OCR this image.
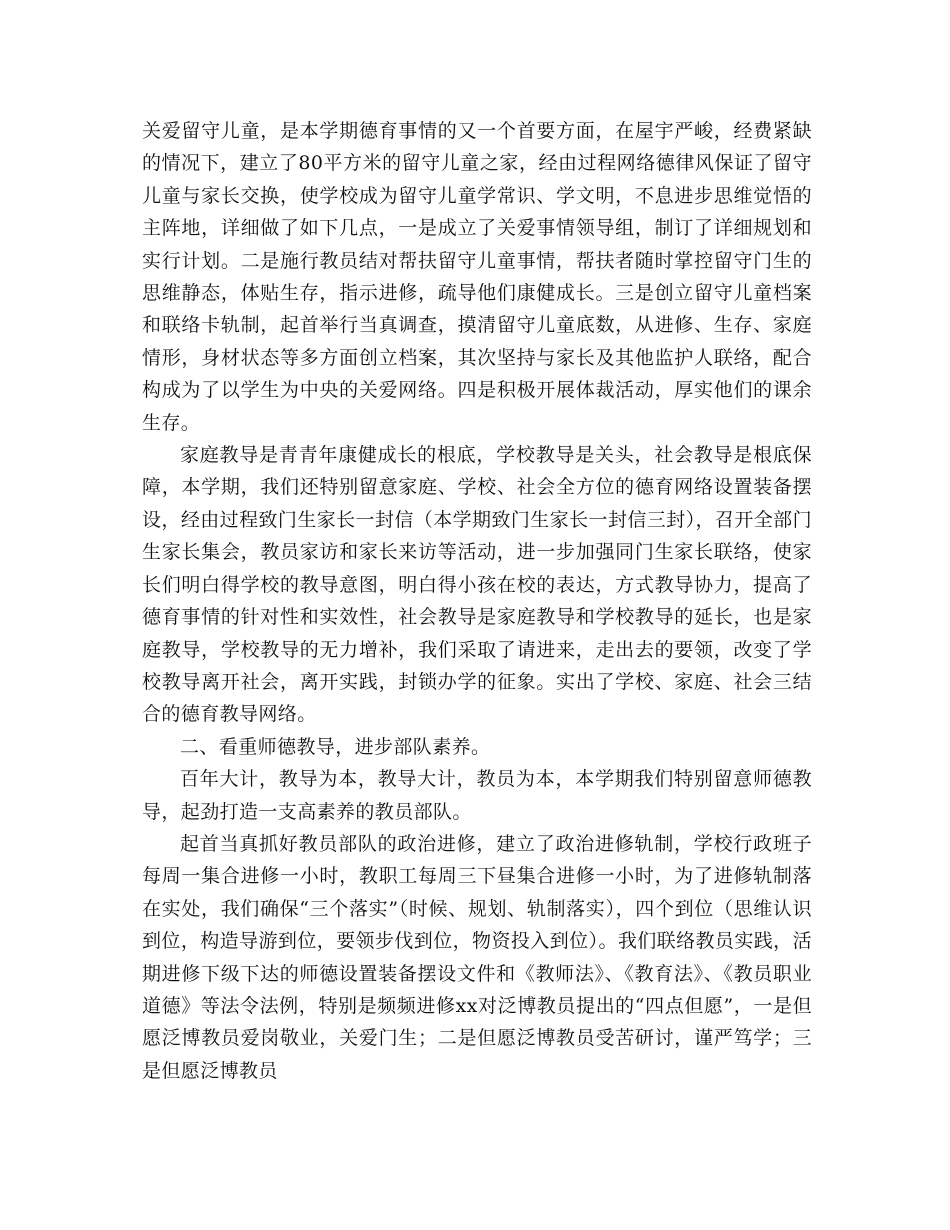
关爱留守儿童，是本学期德育事情的又一个首要方面，在屋宇严峻，经费紧缺的情况下，建立了80平方米的留守儿童之家，经由过程网络德律风保证了留守儿童与家长交换，使学校成为留守儿童学常识、学文明，不息进步思维觉悟的主阵地，详细做了如下几点，一是成立了关爱事情领导组，制订了详细规划和实行计划。二是施行教员结对帮扶留守儿童事情，帮扶者随时掌控留守门生的思维静态，体贴生存，指示进修，疏导他们康健成长。三是创立留守儿童档案和联络卡轨制，起首举行当真调查，摸清留守儿童底数，从进修、生存、家庭情形，身材状态等多方面创立档案，其次坚持与家长及其他监护人联络，配合构成为了以学生为中央的关爱网络。四是积极开展体裁活动，厚实他们的课余生存。

家庭教导是青青年康健成长的根底，学校教导是关头，社会教导是根底保障，本学期，我们还特别留意家庭、学校、社会全方位的德育网络设置装备摆设，经由过程致门生家长一封信（本学期致门生家长一封信三封），召开全部门生家长集会，教员家访和家长来访等活动，进一步加强同门生家长联络，使家长们明白得学校的教导意图，明白得小孩在校的表达，方式教导协力，提高了德育事情的针对性和实效性，社会教导是家庭教导和学校教导的延长，也是家庭教导，学校教导的无力增补，我们采取了请进来，走出去的要领，改变了学校教导离开社会，离开实践，封锁办学的征象。实出了学校、家庭、社会三结合的德育教导网络。

二、看重师德教导，进步部队素养。

百年大计，教导为本，教导大计，教员为本，本学期我们特别留意师德教导，起劲打造一支高素养的教员部队。

起首当真抓好教员部队的政治进修，建立了政治进修轨制，学校行政班子每周一集合进修一小时，教职工每周三下昼集合进修一小时，为了进修轨制落在实处，我们确保“三个落实”（时候、规划、轨制落实），四个到位（思维认识到位，构造导游到位，要领步伐到位，物资投入到位）。我们联络教员实践，活期进修下级下达的师德设置装备摆设文件和《教师法》、《教育法》、《教员职业道德》等法令法例，特别是频频进修xx对泛博教员提出的“四点但愿”，一是但愿泛博教员爱岗敬业，关爱门生；二是但愿泛博教员受苦研讨，谨严笃学；三是但愿泛博教员
